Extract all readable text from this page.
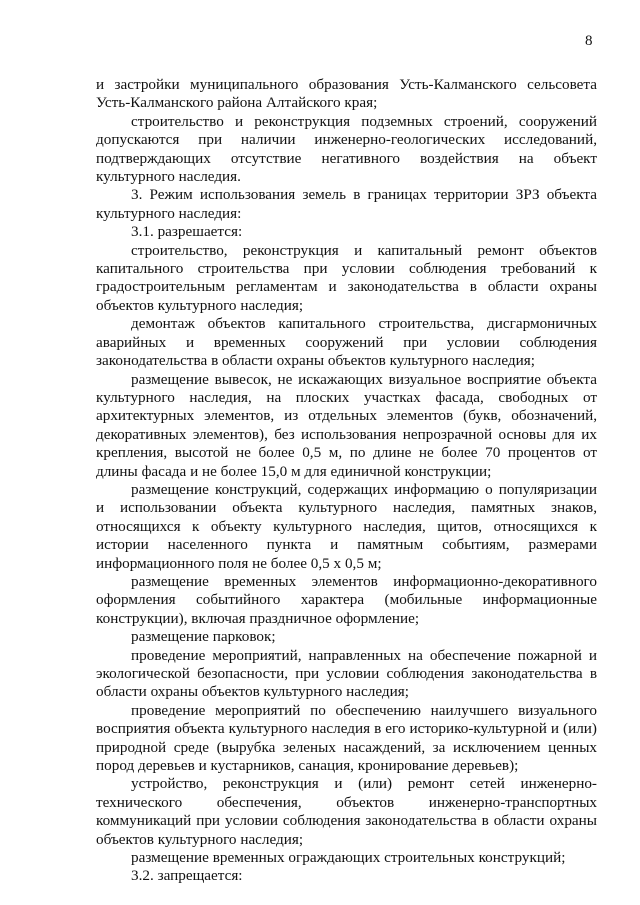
8

и застройки муниципального образования Усть-Калманского сельсовета Усть-Калманского района Алтайского края;

строительство и реконструкция подземных строений, сооружений допускаются при наличии инженерно-геологических исследований, подтверждающих отсутствие негативного воздействия на объект культурного наследия.

3. Режим использования земель в границах территории ЗРЗ объекта культурного наследия:

3.1. разрешается:

строительство, реконструкция и капитальный ремонт объектов капитального строительства при условии соблюдения требований к градостроительным регламентам и законодательства в области охраны объектов культурного наследия;

демонтаж объектов капитального строительства, дисгармоничных аварийных и временных сооружений при условии соблюдения законодательства в области охраны объектов культурного наследия;

размещение вывесок, не искажающих визуальное восприятие объекта культурного наследия, на плоских участках фасада, свободных от архитектурных элементов, из отдельных элементов (букв, обозначений, декоративных элементов), без использования непрозрачной основы для их крепления, высотой не более 0,5 м, по длине не более 70 процентов от длины фасада и не более 15,0 м для единичной конструкции;

размещение конструкций, содержащих информацию о популяризации и использовании объекта культурного наследия, памятных знаков, относящихся к объекту культурного наследия, щитов, относящихся к истории населенного пункта и памятным событиям, размерами информационного поля не более 0,5 х 0,5 м;

размещение временных элементов информационно-декоративного оформления событийного характера (мобильные информационные конструкции), включая праздничное оформление;

размещение парковок;

проведение мероприятий, направленных на обеспечение пожарной и экологической безопасности, при условии соблюдения законодательства в области охраны объектов культурного наследия;

проведение мероприятий по обеспечению наилучшего визуального восприятия объекта культурного наследия в его историко-культурной и (или) природной среде (вырубка зеленых насаждений, за исключением ценных пород деревьев и кустарников, санация, кронирование деревьев);

устройство, реконструкция и (или) ремонт сетей инженерно-технического обеспечения, объектов инженерно-транспортных коммуникаций при условии соблюдения законодательства в области охраны объектов культурного наследия;

размещение временных ограждающих строительных конструкций;

3.2. запрещается:
